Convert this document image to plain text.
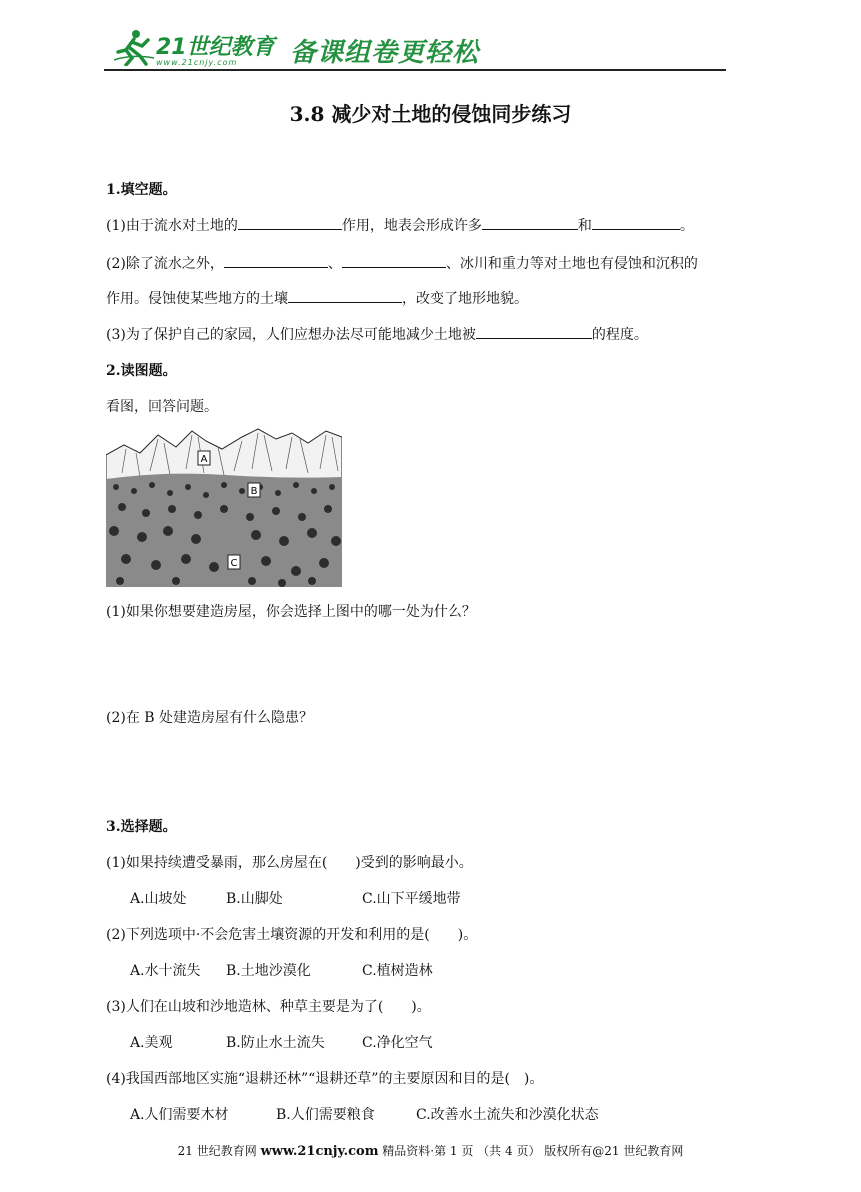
21世纪教育
www.21cnjy.com 备课组卷更轻松
3.8 减少对土地的侵蚀同步练习
1.填空题。
(1)由于流水对土地的	作用，地表会形成许多	和	。
(2)除了流水之外，	、	、冰川和重力等对土地也有侵蚀和沉积的
作用。侵蚀使某些地方的土壤	，改变了地形地貌。
(3)为了保护自己的家园，人们应想办法尽可能地减少土地被	的程度。
2.读图题。
看图，回答问题。
A
B
C
(1)如果你想要建造房屋，你会选择上图中的哪一处为什么？
(2)在 B 处建造房屋有什么隐患？
3.选择题。
(1)如果持续遭受暴雨，那么房屋在(　　)受到的影响最小。
A.山坡处	B.山脚处	C.山下平缓地带
(2)下列选项中·不会危害土壤资源的开发和利用的是(　　)。
A.水十流失 B.土地沙漠化	C.植树造林
(3)人们在山坡和沙地造林、种草主要是为了(　　)。
A.美观	B.防止水土流失	C.净化空气
(4)我国西部地区实施“退耕还林”“退耕还草”的主要原因和目的是(　)。
A.人们需要木材	B.人们需要粮食	C.改善水土流失和沙漠化状态
21 世纪教育网 www.21cnjy.com 精品资料·第 1 页 （共 4 页） 版权所有@21 世纪教育网
